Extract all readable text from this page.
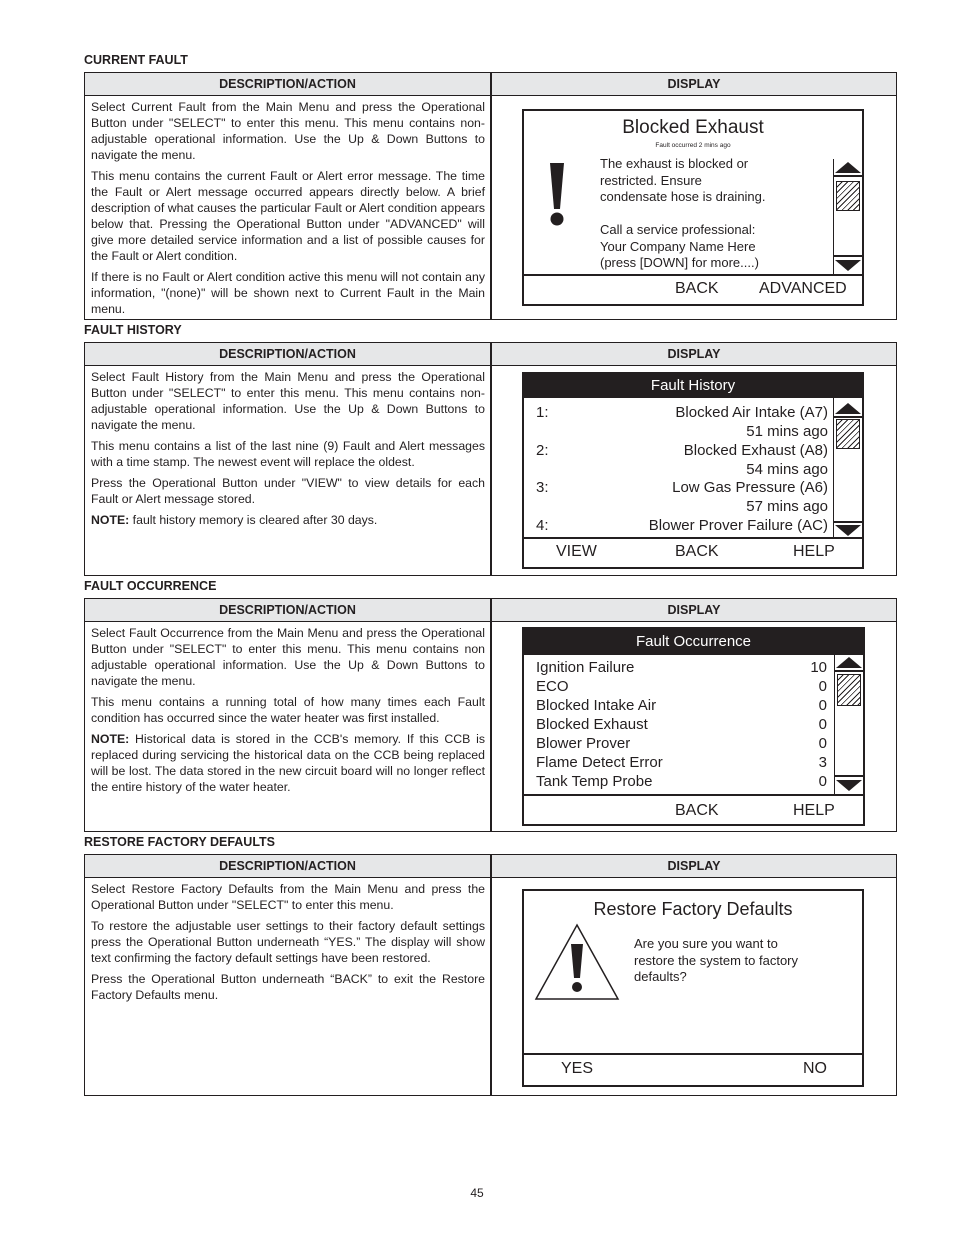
CURRENT FAULT
DESCRIPTION/ACTION	DISPLAY

Select Current Fault from the Main Menu and press the Operational Button under "SELECT" to enter this menu. This menu contains non-adjustable operational information. Use the Up & Down Buttons to navigate the menu.

This menu contains the current Fault or Alert error message. The time the Fault or Alert message occurred appears directly below. A brief description of what causes the particular Fault or Alert condition appears below that. Pressing the Operational Button under "ADVANCED" will give more detailed service information and a list of possible causes for the Fault or Alert condition.

If there is no Fault or Alert condition active this menu will not contain any information, "(none)" will be shown next to Current Fault in the Main menu.

Blocked Exhaust
Fault occurred 2 mins ago
The exhaust is blocked or
restricted. Ensure
condensate hose is draining.
Call a service professional:
Your Company Name Here
(press [DOWN] for more....)
BACK	ADVANCED
FAULT HISTORY
DESCRIPTION/ACTION	DISPLAY

Select Fault History from the Main Menu and press the Operational Button under "SELECT" to enter this menu. This menu contains non-adjustable operational information. Use the Up & Down Buttons to navigate the menu.

This menu contains a list of the last nine (9) Fault and Alert messages with a time stamp. The newest event will replace the oldest.

Press the Operational Button under "VIEW" to view details for each Fault or Alert message stored.

NOTE: fault history memory is cleared after 30 days.

Fault History
1:	Blocked Air Intake (A7)
51 mins ago
2:	Blocked Exhaust (A8)
54 mins ago
3:	Low Gas Pressure (A6)
57 mins ago
4:	Blower Prover Failure (AC)
VIEW	BACK	HELP
FAULT OCCURRENCE
DESCRIPTION/ACTION	DISPLAY

Select Fault Occurrence from the Main Menu and press the Operational Button under "SELECT" to enter this menu. This menu contains non adjustable operational information. Use the Up & Down Buttons to navigate the menu.

This menu contains a running total of how many times each Fault condition has occurred since the water heater was first installed.

NOTE: Historical data is stored in the CCB's memory. If this CCB is replaced during servicing the historical data on the CCB being replaced will be lost. The data stored in the new circuit board will no longer reflect the entire history of the water heater.

Fault Occurrence
Ignition Failure	10
ECO	0
Blocked Intake Air	0
Blocked Exhaust	0
Blower Prover	0
Flame Detect Error	3
Tank Temp Probe	0
BACK	HELP
RESTORE FACTORY DEFAULTS
DESCRIPTION/ACTION	DISPLAY

Select Restore Factory Defaults from the Main Menu and press the Operational Button under "SELECT" to enter this menu.

To restore the adjustable user settings to their factory default settings press the Operational Button underneath “YES.” The display will show text confirming the factory default settings have been restored.

Press the Operational Button underneath “BACK” to exit the Restore Factory Defaults menu.

Restore Factory Defaults
Are you sure you want to
restore the system to factory
defaults?
YES	NO
45
